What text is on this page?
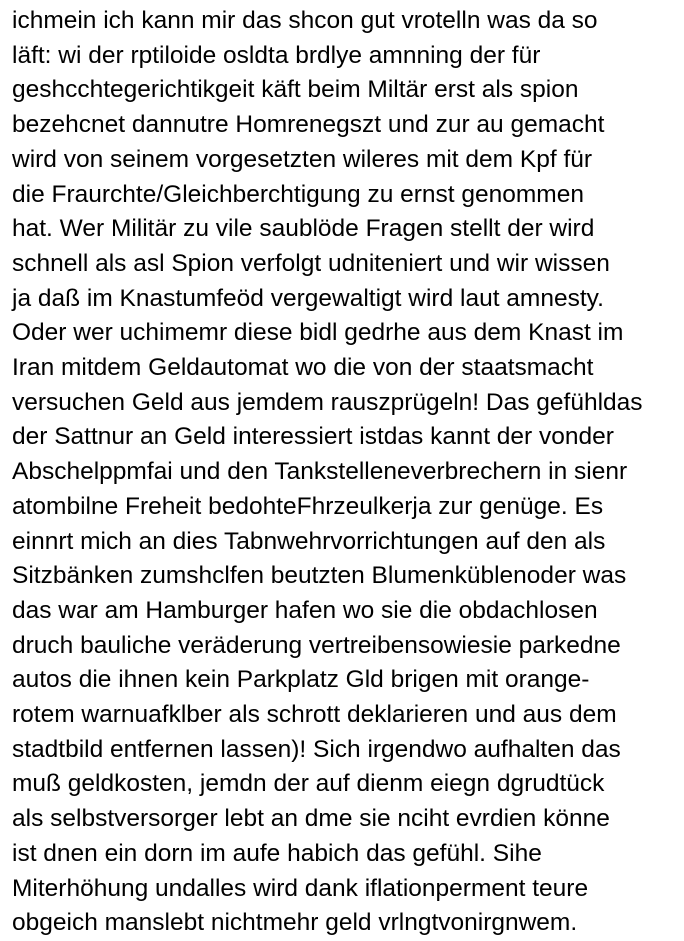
ichmein ich kann mir das shcon gut vrotelln was da so
läft: wi der rptiloide osldta brdlye amnning der für
geshcchtegerichtikgeit käft beim Miltär erst als spion
bezehcnet dannutre Homrenegszt und zur au gemacht
wird von seinem vorgesetzten wileres mit dem Kpf für
die Fraurchte/Gleichberchtigung zu ernst genommen
hat. Wer Militär zu vile saublöde Fragen stellt der wird
schnell als asl Spion verfolgt udniteniert und wir wissen
ja daß im Knastumfeöd vergewaltigt wird laut amnesty.
Oder wer uchimemr diese bidl gedrhe aus dem Knast im
Iran mitdem Geldautomat wo die von der staatsmacht
versuchen Geld aus jemdem rauszprügeln! Das gefühldas
der Sattnur an Geld interessiert istdas kannt der vonder
Abschelppmfai und den Tankstelleneverbrechern in sienr
atombilne Freheit bedohteFhrzeulkerja zur genüge. Es
einnrt mich an dies Tabnwehrvorrichtungen auf den als
Sitzbänken zumshclfen beutzten Blumenküblenoder was
das war am Hamburger hafen wo sie die obdachlosen
druch bauliche veräderung vertreibensowiesie parkedne
autos die ihnen kein Parkplatz Gld brigen mit orange-
rotem warnuafklber als schrott deklarieren und aus dem
stadtbild entfernen lassen)! Sich irgendwo aufhalten das
muß geldkosten, jemdn der auf dienm eiegn dgrudtück
als selbstversorger lebt an dme sie nciht evrdien könne
ist dnen ein dorn im aufe habich das gefühl. Sihe
Miterhöhung undalles wird dank iflationperment teure
obgeich manslebt nichtmehr geld vrlngtvonirgnwem.
